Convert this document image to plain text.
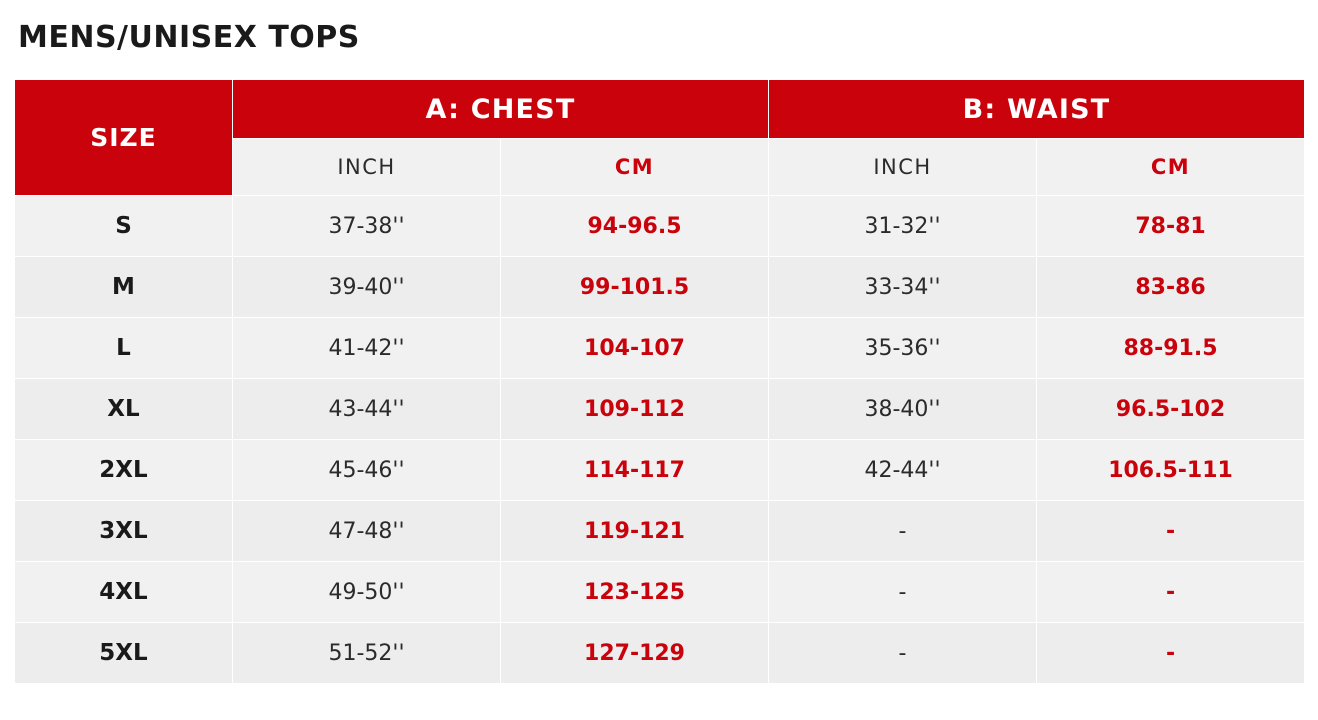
MENS/UNISEX TOPS
SIZE	A: CHEST		B: WAIST	
	INCH	CM	INCH	CM
S	37-38''	94-96.5	31-32''	78-81
M	39-40''	99-101.5	33-34''	83-86
L	41-42''	104-107	35-36''	88-91.5
XL	43-44''	109-112	38-40''	96.5-102
2XL	45-46''	114-117	42-44''	106.5-111
3XL	47-48''	119-121	-	-
4XL	49-50''	123-125	-	-
5XL	51-52''	127-129	-	-
